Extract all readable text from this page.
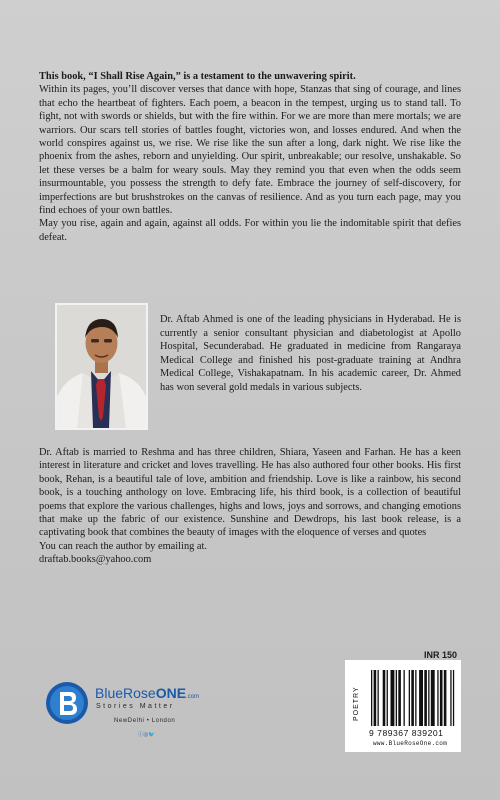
This book, “I Shall Rise Again,” is a testament to the unwavering spirit.

Within its pages, you’ll discover verses that dance with hope, Stanzas that sing of courage, and lines that echo the heartbeat of fighters. Each poem, a beacon in the tempest, urging us to stand tall. To fight, not with swords or shields, but with the fire within. For we are more than mere mortals; we are warriors. Our scars tell stories of battles fought, victories won, and losses endured. And when the world conspires against us, we rise. We rise like the sun after a long, dark night. We rise like the phoenix from the ashes, reborn and unyielding. Our spirit, unbreakable; our resolve, unshakable. So let these verses be a balm for weary souls. May they remind you that even when the odds seem insurmountable, you possess the strength to defy fate. Embrace the journey of self-discovery, for imperfections are but brushstrokes on the canvas of resilience. And as you turn each page, may you find echoes of your own battles.

May you rise, again and again, against all odds. For within you lie the indomitable spirit that defies defeat.

Dr. Aftab Ahmed is one of the leading physicians in Hyderabad. He is currently a senior consultant physician and diabetologist at Apollo Hospital, Secunderabad. He graduated in medicine from Rangaraya Medical College and finished his post-graduate training at Andhra Medical College, Vishakapatnam. In his academic career, Dr. Ahmed has won several gold medals in various subjects.

Dr. Aftab is married to Reshma and has three children, Shiara, Yaseen and Farhan. He has a keen interest in literature and cricket and loves travelling. He has also authored four other books. His first book, Rehan, is a beautiful tale of love, ambition and friendship. Love is like a rainbow, his second book, is a touching anthology on love. Embracing life, his third book, is a collection of beautiful poems that explore the various challenges, highs and lows, joys and sorrows, and changing emotions that make up the fabric of our existence. Sunshine and Dewdrops, his last book release, is a captivating book that combines the beauty of images with the eloquence of verses and quotes

You can reach the author by emailing at.

draftab.books@yahoo.com

BlueRoseONE.com
Stories Matter
NewDelhi • London
ⓘ◎🐦
INR 150
POETRY
9 789367 839201
www.BlueRoseOne.com
